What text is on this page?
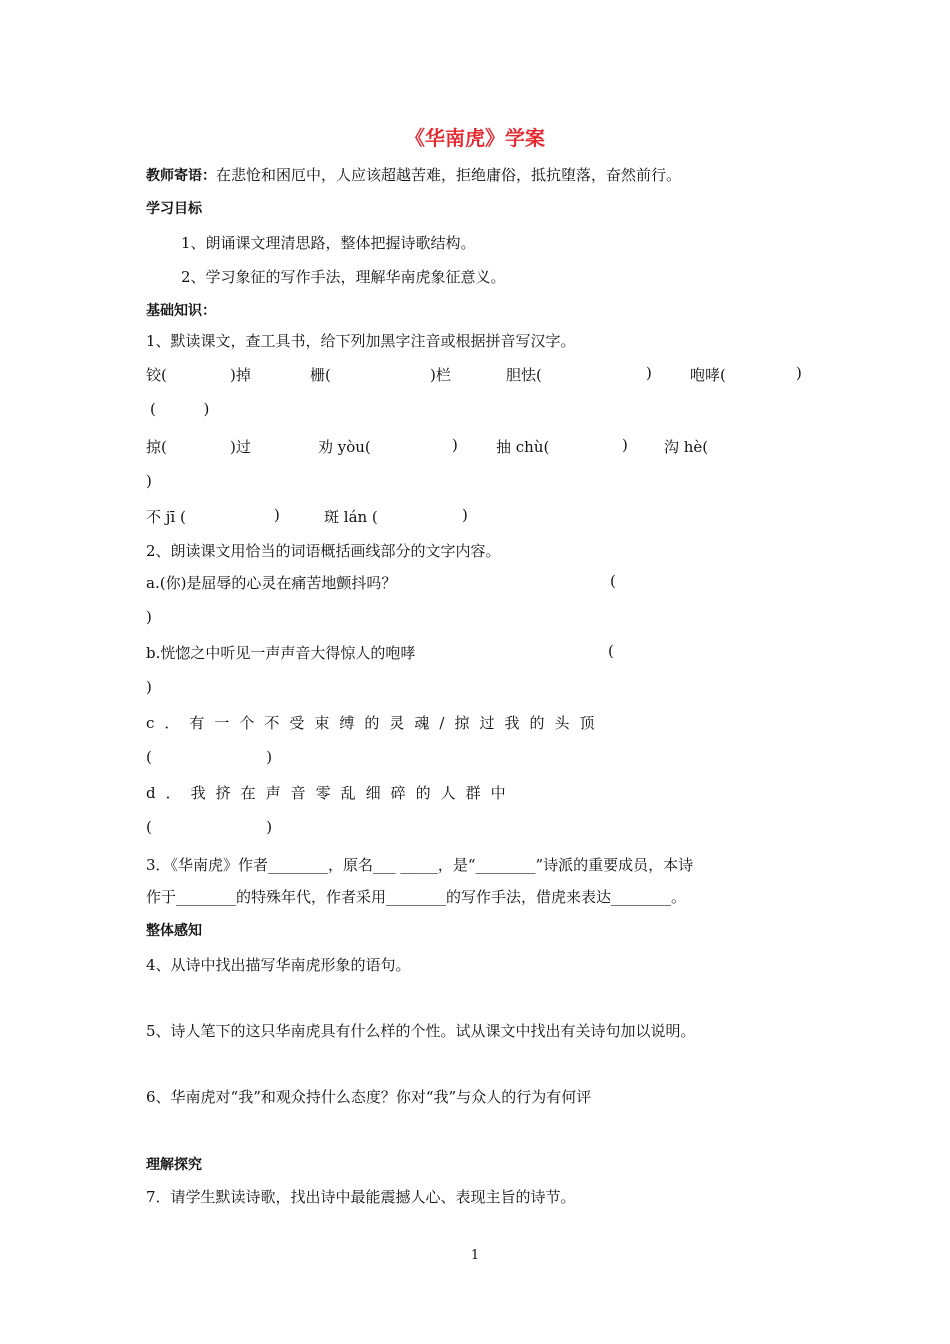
《华南虎》学案
教师寄语：在悲怆和困厄中，人应该超越苦难，拒绝庸俗，抵抗堕落，奋然前行。
学习目标
1、朗诵课文理清思路，整体把握诗歌结构。
2、学习象征的写作手法，理解华南虎象征意义。
基础知识：
1、默读课文，查工具书，给下列加黑字注音或根据拼音写汉字。
铰(	)掉	栅(	)栏	胆怯(	)	咆哮(	)
(          )
掠(	)过	劝 yòu(	)	抽 chù(	) 沟 hè(
)
不 jī (	)	斑 lán (	)
2、朗读课文用恰当的词语概括画线部分的文字内容。
a.(你)是屈辱的心灵在痛苦地颤抖吗？	(
)
b.恍惚之中听见一声声音大得惊人的咆哮	(
)
c．有一个不受束缚的灵魂/掠过我的头顶
(                        )
d．我挤在声音零乱细碎的人群中
(                        )
3．《华南虎》作者________，原名___ _____，是“________”诗派的重要成员，本诗
作于________的特殊年代，作者采用________的写作手法，借虎来表达________。
整体感知
4、从诗中找出描写华南虎形象的语句。
5、诗人笔下的这只华南虎具有什么样的个性。试从课文中找出有关诗句加以说明。
6、华南虎对“我”和观众持什么态度？你对“我”与众人的行为有何评
理解探究
7．请学生默读诗歌，找出诗中最能震撼人心、表现主旨的诗节。
1
